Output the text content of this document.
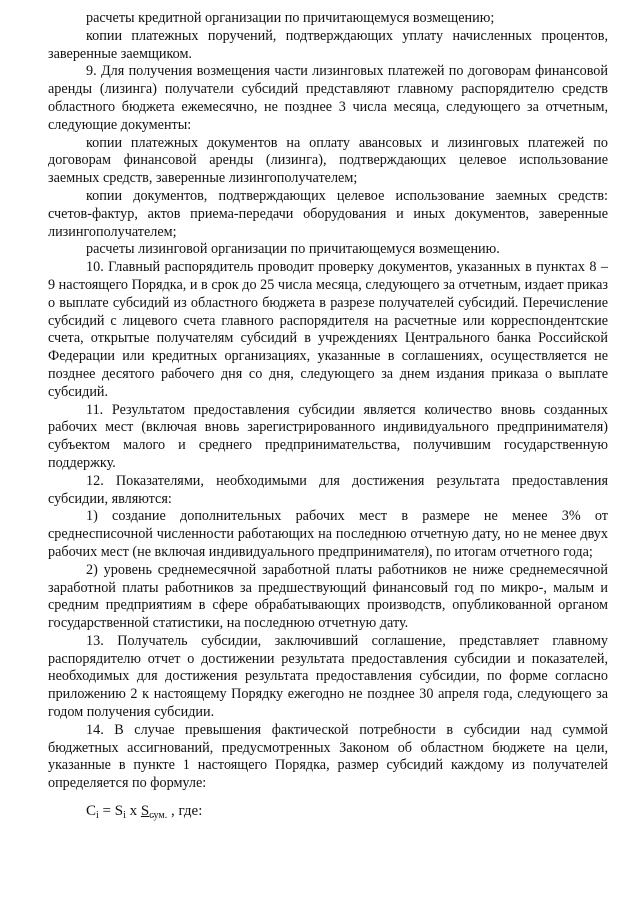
расчеты кредитной организации по причитающемуся возмещению;

копии платежных поручений, подтверждающих уплату начисленных процентов, заверенные заемщиком.

9. Для получения возмещения части лизинговых платежей по договорам финансовой аренды (лизинга) получатели субсидий представляют главному распорядителю средств областного бюджета ежемесячно, не позднее 3 числа месяца, следующего за отчетным, следующие документы:

копии платежных документов на оплату авансовых и лизинговых платежей по договорам финансовой аренды (лизинга), подтверждающих целевое использование заемных средств, заверенные лизингополучателем;

копии документов, подтверждающих целевое использование заемных средств: счетов-фактур, актов приема-передачи оборудования и иных документов, заверенные лизингополучателем;

расчеты лизинговой организации по причитающемуся возмещению.

10. Главный распорядитель проводит проверку документов, указанных в пунктах 8 – 9 настоящего Порядка, и в срок до 25 числа месяца, следующего за отчетным, издает приказ о выплате субсидий из областного бюджета в разрезе получателей субсидий. Перечисление субсидий с лицевого счета главного распорядителя на расчетные или корреспондентские счета, открытые получателям субсидий в учреждениях Центрального банка Российской Федерации или кредитных организациях, указанные в соглашениях, осуществляется не позднее десятого рабочего дня со дня, следующего за днем издания приказа о выплате субсидий.

11. Результатом предоставления субсидии является количество вновь созданных рабочих мест (включая вновь зарегистрированного индивидуального предпринимателя) субъектом малого и среднего предпринимательства, получившим государственную поддержку.

12. Показателями, необходимыми для достижения результата предоставления субсидии, являются:

1) создание дополнительных рабочих мест в размере не менее 3% от среднесписочной численности работающих на последнюю отчетную дату, но не менее двух рабочих мест (не включая индивидуального предпринимателя), по итогам отчетного года;

2) уровень среднемесячной заработной платы работников не ниже среднемесячной заработной платы работников за предшествующий финансовый год по микро-, малым и средним предприятиям в сфере обрабатывающих производств, опубликованной органом государственной статистики, на последнюю отчетную дату.

13. Получатель субсидии, заключивший соглашение, представляет главному распорядителю отчет о достижении результата предоставления субсидии и показателей, необходимых для достижения результата предоставления субсидии, по форме согласно приложению 2 к настоящему Порядку ежегодно не позднее 30 апреля года, следующего за годом получения субсидии.

14. В случае превышения фактической потребности в субсидии над суммой бюджетных ассигнований, предусмотренных Законом об областном бюджете на цели, указанные в пункте 1 настоящего Порядка, размер субсидий каждому из получателей определяется по формуле:

$C_i = S_i$ x $S_{сум.}$ , где:
